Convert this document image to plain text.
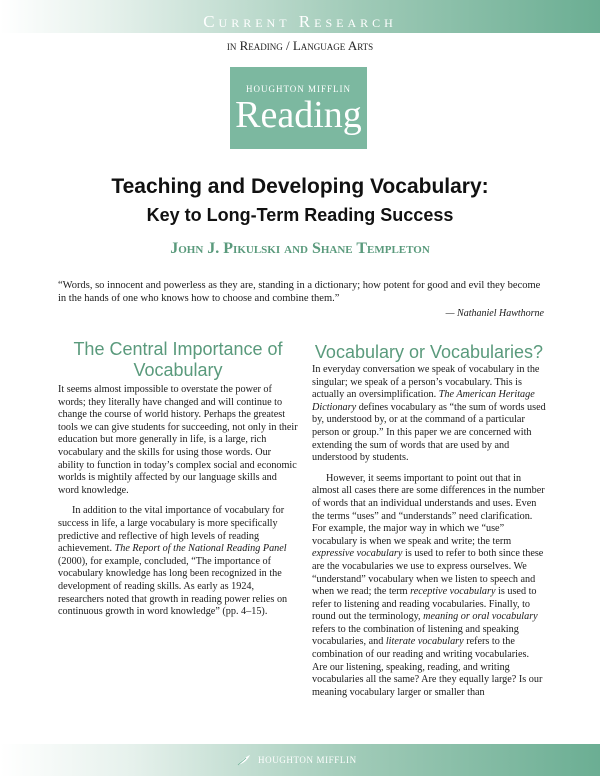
Current Research
in Reading / Language Arts
HOUGHTON MIFFLIN
Reading
Teaching and Developing Vocabulary:
Key to Long-Term Reading Success
John J. Pikulski and Shane Templeton
“Words, so innocent and powerless as they are, standing in a dictionary; how potent for good and evil they become in the hands of one who knows how to choose and combine them.”
— Nathaniel Hawthorne
The Central Importance of Vocabulary

It seems almost impossible to overstate the power of words; they literally have changed and will continue to change the course of world history. Perhaps the greatest tools we can give students for succeeding, not only in their education but more generally in life, is a large, rich vocabulary and the skills for using those words. Our ability to function in today’s complex social and economic worlds is mightily affected by our language skills and word knowledge.

In addition to the vital importance of vocabulary for success in life, a large vocabulary is more specifically predictive and reflective of high levels of reading achievement. The Report of the National Reading Panel (2000), for example, concluded, “The importance of vocabulary knowledge has long been recognized in the development of reading skills. As early as 1924, researchers noted that growth in reading power relies on continuous growth in word knowledge” (pp. 4–15).

Vocabulary or Vocabularies?

In everyday conversation we speak of vocabulary in the singular; we speak of a person’s vocabulary. This is actually an oversimplification. The American Heritage Dictionary defines vocabulary as “the sum of words used by, understood by, or at the command of a particular person or group.” In this paper we are concerned with extending the sum of words that are used by and understood by students.

However, it seems important to point out that in almost all cases there are some differences in the number of words that an individual understands and uses. Even the terms “uses” and “understands” need clarification. For example, the major way in which we “use” vocabulary is when we speak and write; the term expressive vocabulary is used to refer to both since these are the vocabularies we use to express ourselves. We “understand” vocabulary when we listen to speech and when we read; the term receptive vocabulary is used to refer to listening and reading vocabularies. Finally, to round out the terminology, meaning or oral vocabulary refers to the combination of listening and speaking vocabularies, and literate vocabulary refers to the combination of our reading and writing vocabularies. Are our listening, speaking, reading, and writing vocabularies all the same? Are they equally large? Is our meaning vocabulary larger or smaller than

HOUGHTON MIFFLIN
